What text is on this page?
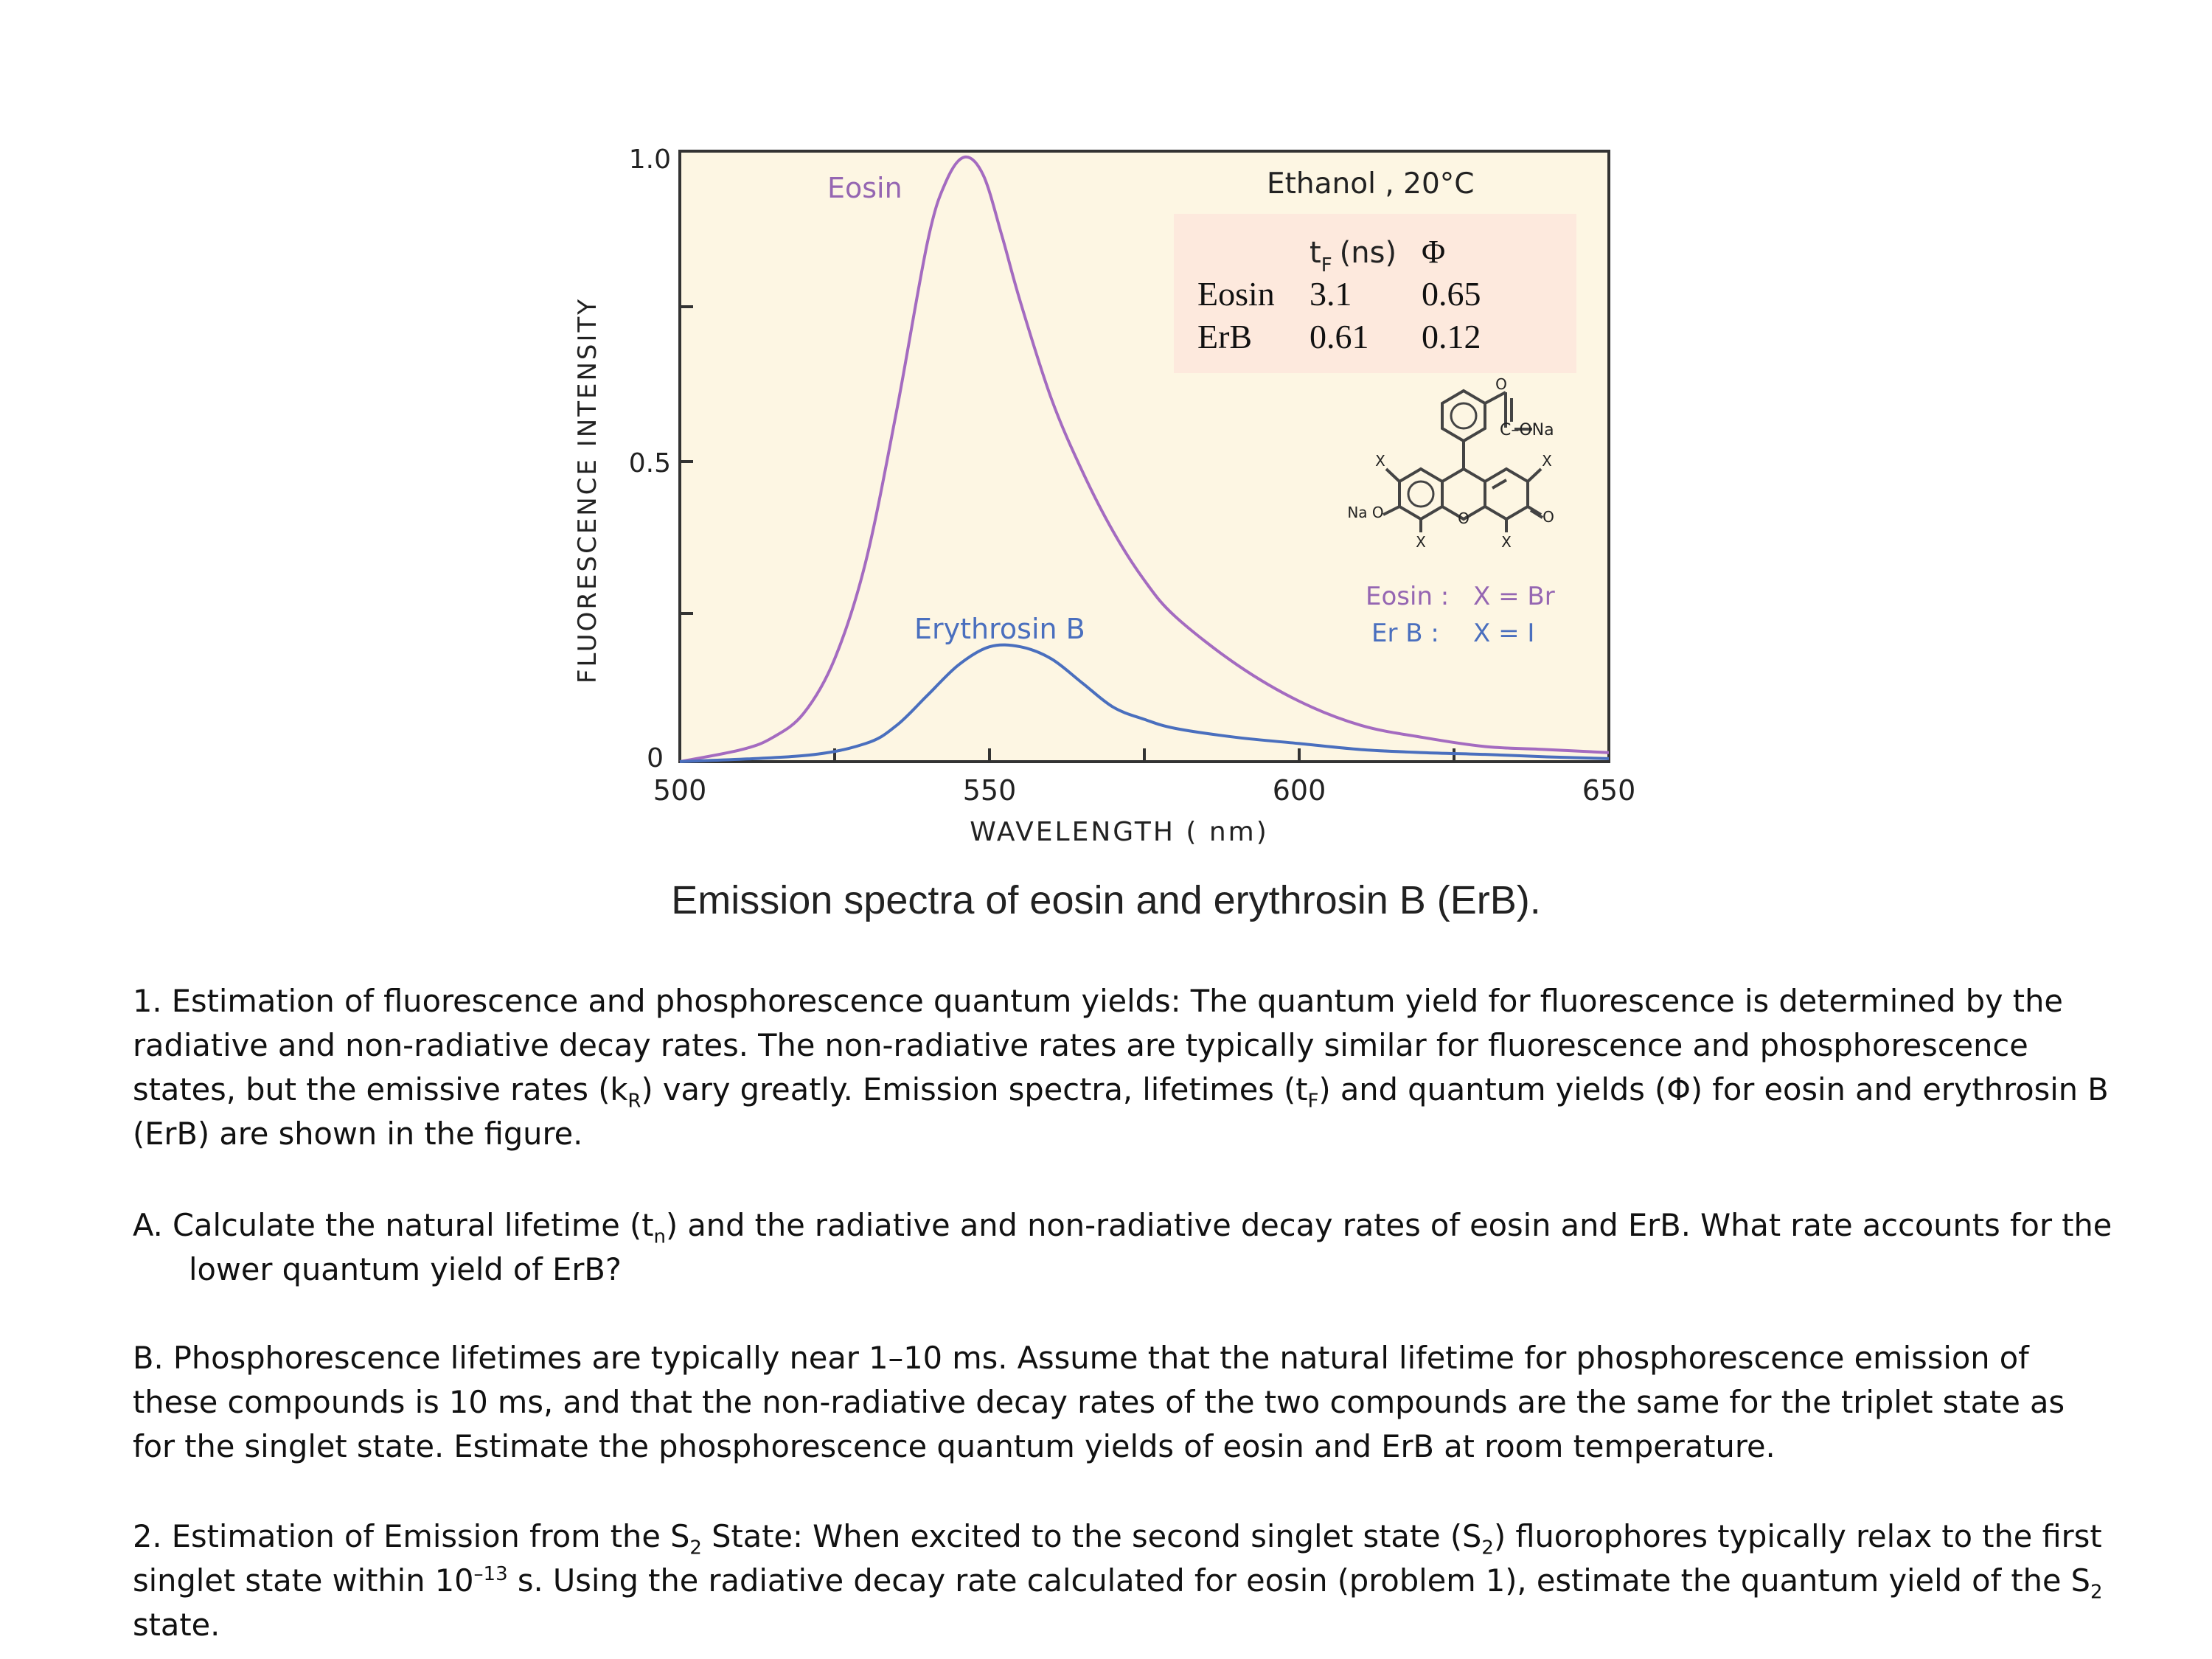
1.0
0.5
0
500	550	600	650
WAVELENGTH ( nm)
FLUORESCENCE INTENSITY
Eosin
Erythrosin B
Ethanol , 20°C
$t_F$ (ns) Φ
Eosin 3.1 0.65
ErB 0.61 0.12
O
C–ONa
X
Na O	O
X	X
X
O
Eosin : X = Br
Er B : X = I
Emission spectra of eosin and erythrosin B (ErB).
1. Estimation of fluorescence and phosphorescence quantum yields: The quantum yield for fluorescence is determined by the radiative and non-radiative decay rates. The non-radiative rates are typically similar for fluorescence and phosphorescence states, but the emissive rates $(k_R)$ vary greatly. Emission spectra, lifetimes $(t_F)$ and quantum yields (Φ) for eosin and erythrosin B (ErB) are shown in the figure.
A. Calculate the natural lifetime $(t_n)$ and the radiative and non-radiative decay rates of eosin and ErB. What rate accounts for the lower quantum yield of ErB?
B. Phosphorescence lifetimes are typically near 1–10 ms. Assume that the natural lifetime for phosphorescence emission of these compounds is 10 ms, and that the non-radiative decay rates of the two compounds are the same for the triplet state as for the singlet state. Estimate the phosphorescence quantum yields of eosin and ErB at room temperature.
2. Estimation of Emission from the $S_2$ State: When excited to the second singlet state $(S_2)$ fluorophores typically relax to the first singlet state within $10^{-13}$ s. Using the radiative decay rate calculated for eosin (problem 1), estimate the quantum yield of the $S_2$ state.
